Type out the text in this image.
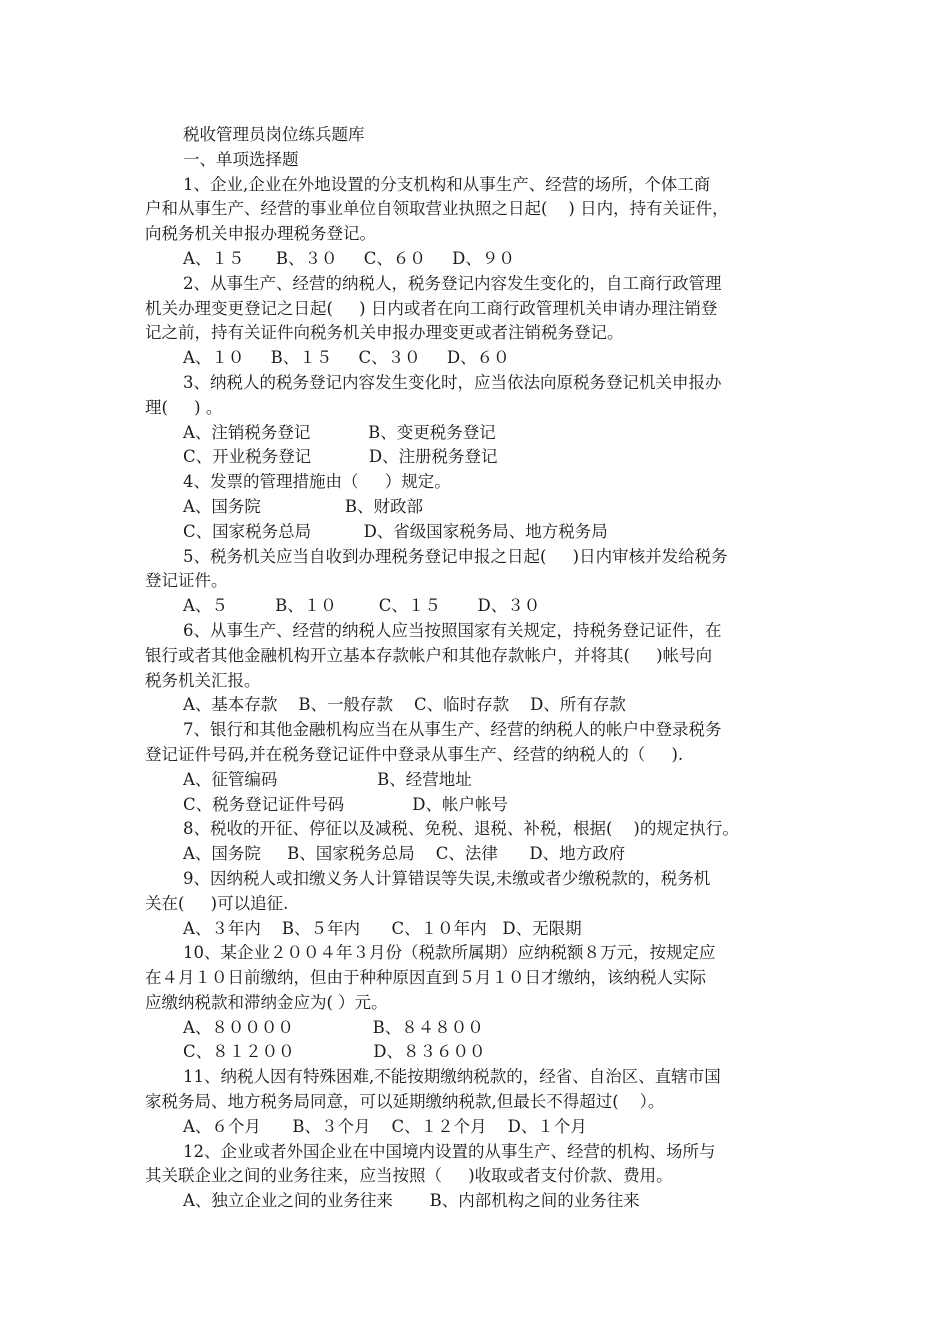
税收管理员岗位练兵题库
一、单项选择题
1、企业,企业在外地设置的分支机构和从事生产、经营的场所，个体工商
户和从事生产、经营的事业单位自领取营业执照之日起(    ) 日内，持有关证件，
向税务机关申报办理税务登记。
A、１５      B、３０     C、６０     D、９０
2、从事生产、经营的纳税人，税务登记内容发生变化的，自工商行政管理
机关办理变更登记之日起(     ) 日内或者在向工商行政管理机关申请办理注销登
记之前，持有关证件向税务机关申报办理变更或者注销税务登记。
A、１０     B、１５     C、３０     D、６０
3、纳税人的税务登记内容发生变化时，应当依法向原税务登记机关申报办
理(     ) 。
A、注销税务登记           B、变更税务登记
C、开业税务登记           D、注册税务登记
4、发票的管理措施由（     ）规定。
A、国务院                B、财政部
C、国家税务总局          D、省级国家税务局、地方税务局
5、税务机关应当自收到办理税务登记申报之日起(     )日内审核并发给税务
登记证件。
A、５         B、１０        C、１５       D、３０
6、从事生产、经营的纳税人应当按照国家有关规定，持税务登记证件，在
银行或者其他金融机构开立基本存款帐户和其他存款帐户，并将其(     )帐号向
税务机关汇报。
A、基本存款    B、一般存款    C、临时存款    D、所有存款
7、银行和其他金融机构应当在从事生产、经营的纳税人的帐户中登录税务
登记证件号码,并在税务登记证件中登录从事生产、经营的纳税人的（     ).
A、征管编码                   B、经营地址
C、税务登记证件号码             D、帐户帐号
8、税收的开征、停征以及减税、免税、退税、补税，根据(    )的规定执行。
A、国务院     B、国家税务总局    C、法律      D、地方政府
9、因纳税人或扣缴义务人计算错误等失误,未缴或者少缴税款的，税务机
关在(     )可以追征.
A、３年内    B、５年内      C、１０年内   D、无限期
10、某企业２００４年３月份（税款所属期）应纳税额８万元，按规定应
在４月１０日前缴纳，但由于种种原因直到５月１０日才缴纳，该纳税人实际
应缴纳税款和滞纳金应为( ）元。
A、８００００               B、８４８００
C、８１２００               D、８３６００
11、纳税人因有特殊困难,不能按期缴纳税款的，经省、自治区、直辖市国
家税务局、地方税务局同意，可以延期缴纳税款,但最长不得超过(    ）。
A、６个月      B、３个月    C、１２个月    D、１个月
12、企业或者外国企业在中国境内设置的从事生产、经营的机构、场所与
其关联企业之间的业务往来，应当按照（     )收取或者支付价款、费用。
A、独立企业之间的业务往来       B、内部机构之间的业务往来
